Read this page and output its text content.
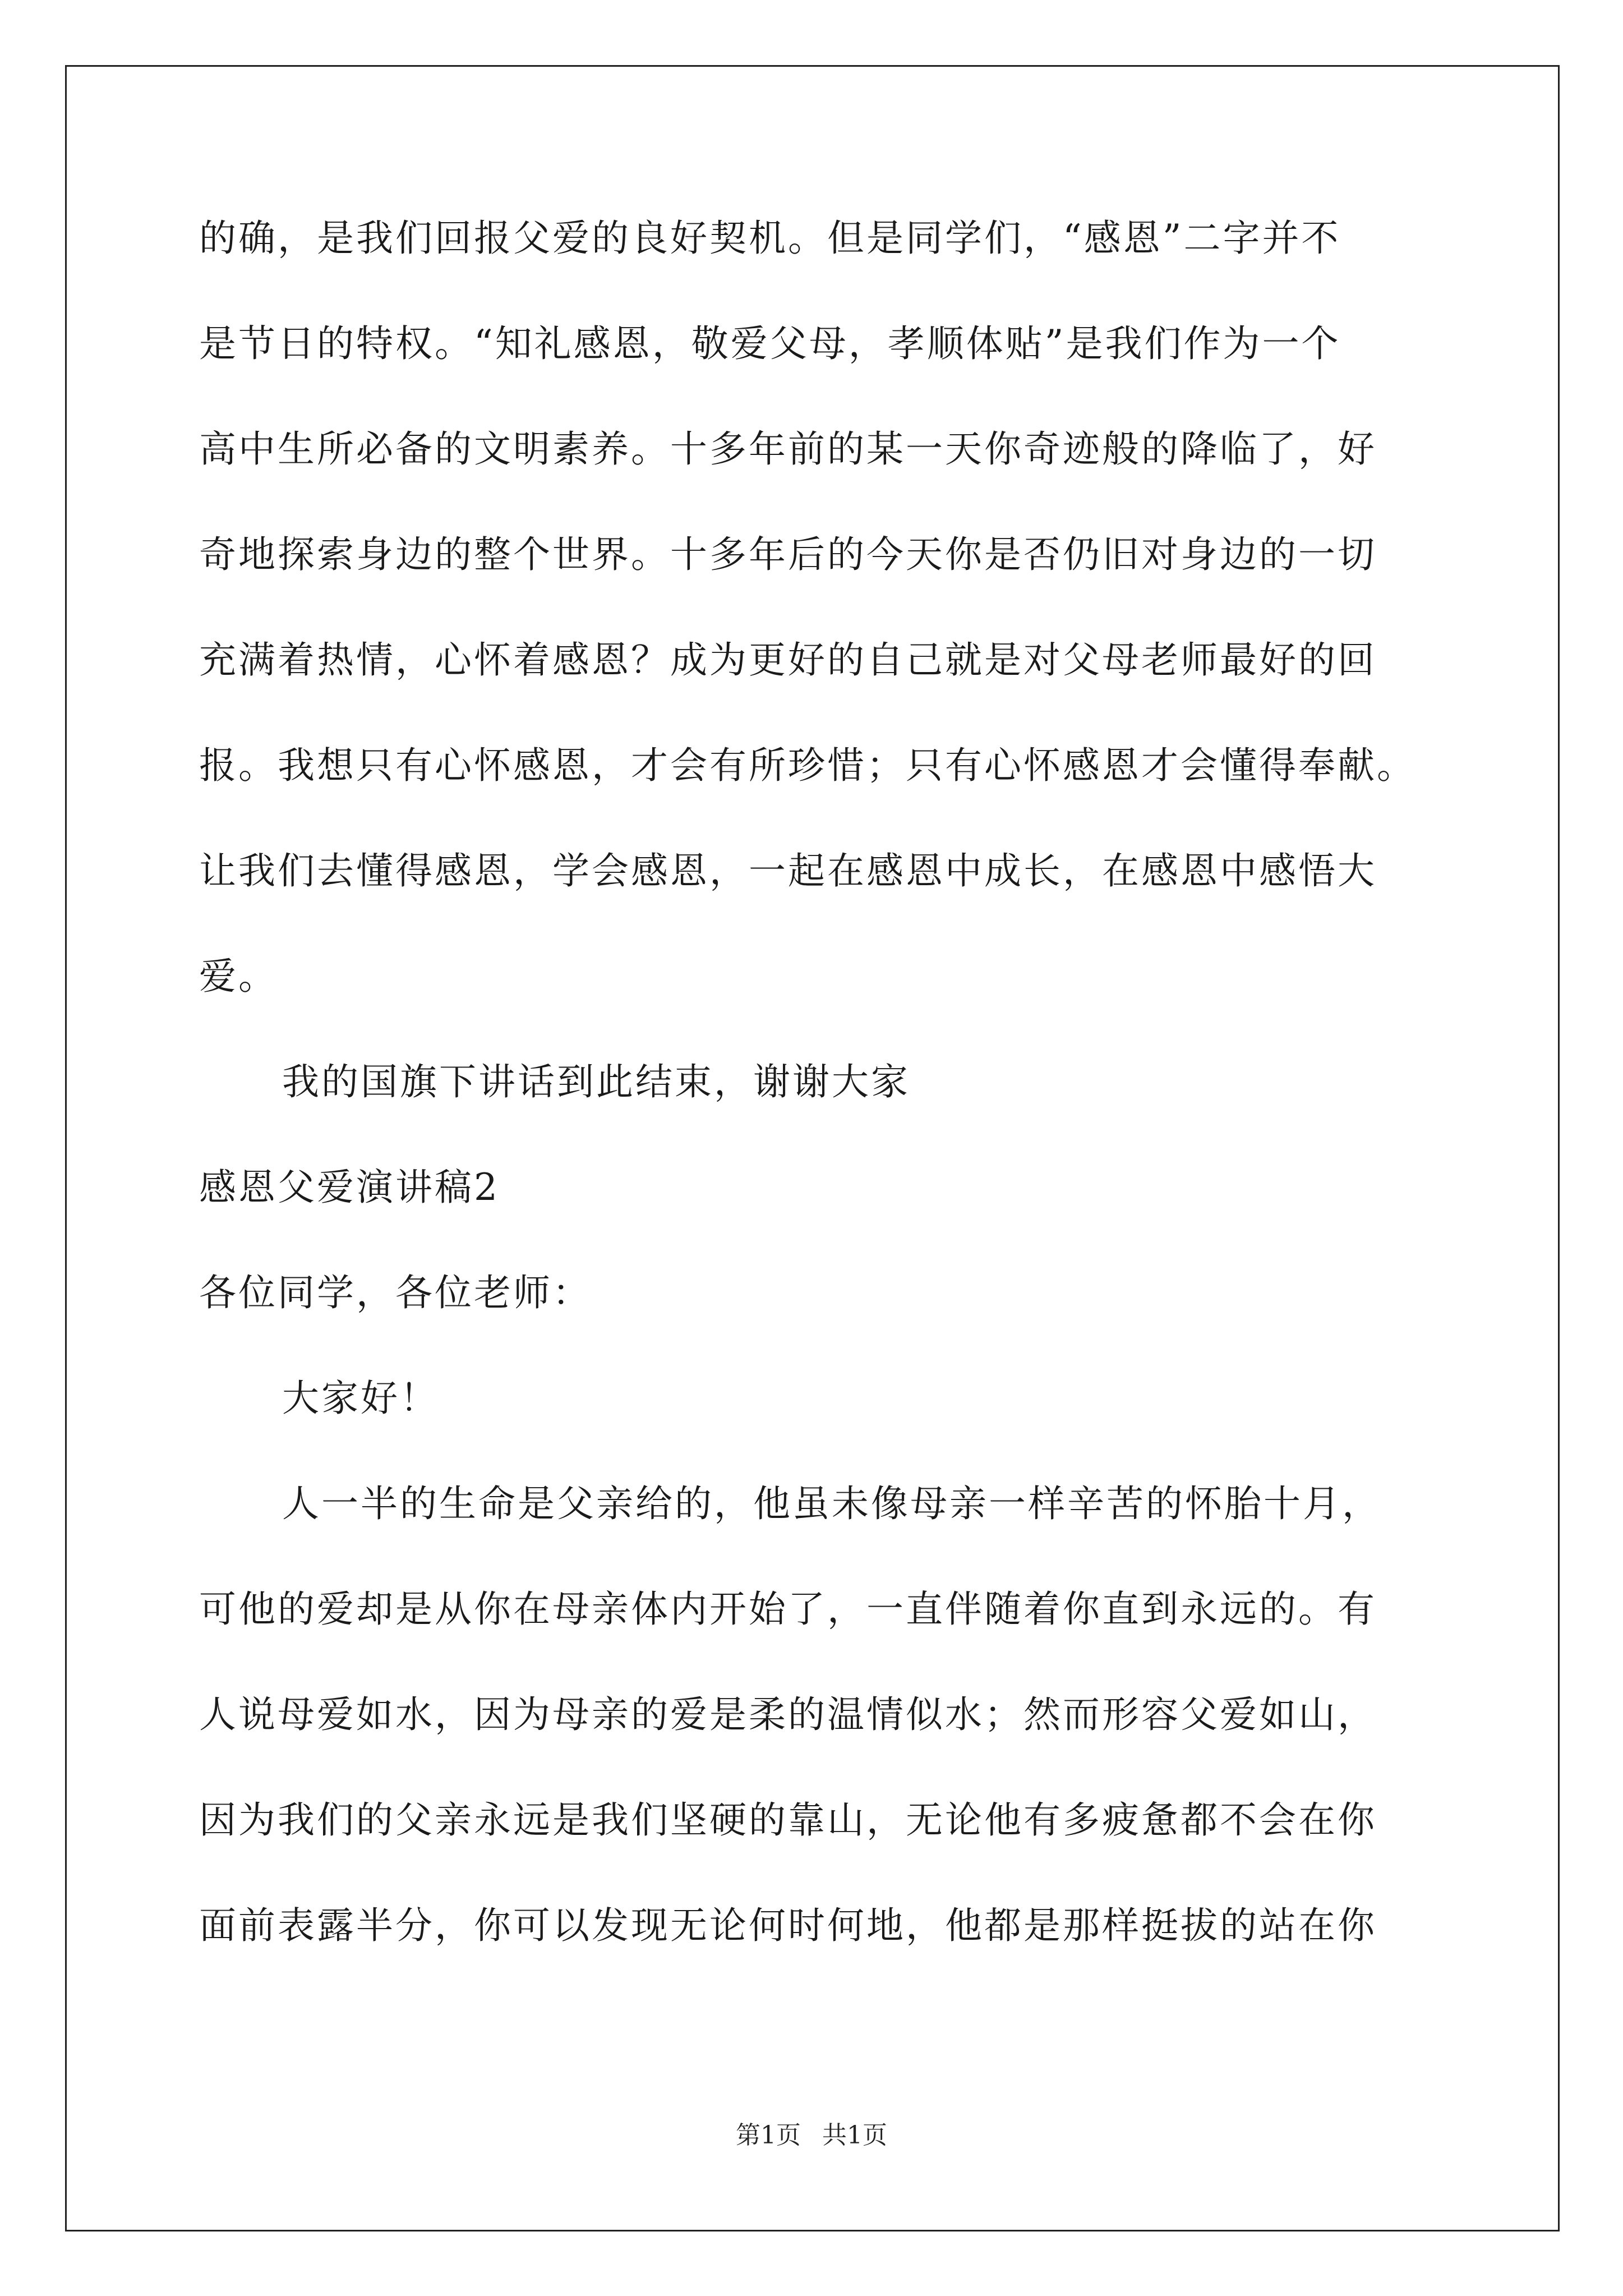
的确，是我们回报父爱的良好契机。但是同学们，“感恩”二字并不
是节日的特权。“知礼感恩，敬爱父母，孝顺体贴”是我们作为一个
高中生所必备的文明素养。十多年前的某一天你奇迹般的降临了，好
奇地探索身边的整个世界。十多年后的今天你是否仍旧对身边的一切
充满着热情，心怀着感恩？成为更好的自己就是对父母老师最好的回
报。我想只有心怀感恩，才会有所珍惜；只有心怀感恩才会懂得奉献。
让我们去懂得感恩，学会感恩，一起在感恩中成长，在感恩中感悟大
爱。
我的国旗下讲话到此结束，谢谢大家
感恩父爱演讲稿2
各位同学，各位老师：
大家好！
人一半的生命是父亲给的，他虽未像母亲一样辛苦的怀胎十月，
可他的爱却是从你在母亲体内开始了，一直伴随着你直到永远的。有
人说母爱如水，因为母亲的爱是柔的温情似水；然而形容父爱如山，
因为我们的父亲永远是我们坚硬的靠山，无论他有多疲惫都不会在你
面前表露半分，你可以发现无论何时何地，他都是那样挺拔的站在你
第1页 共1页
